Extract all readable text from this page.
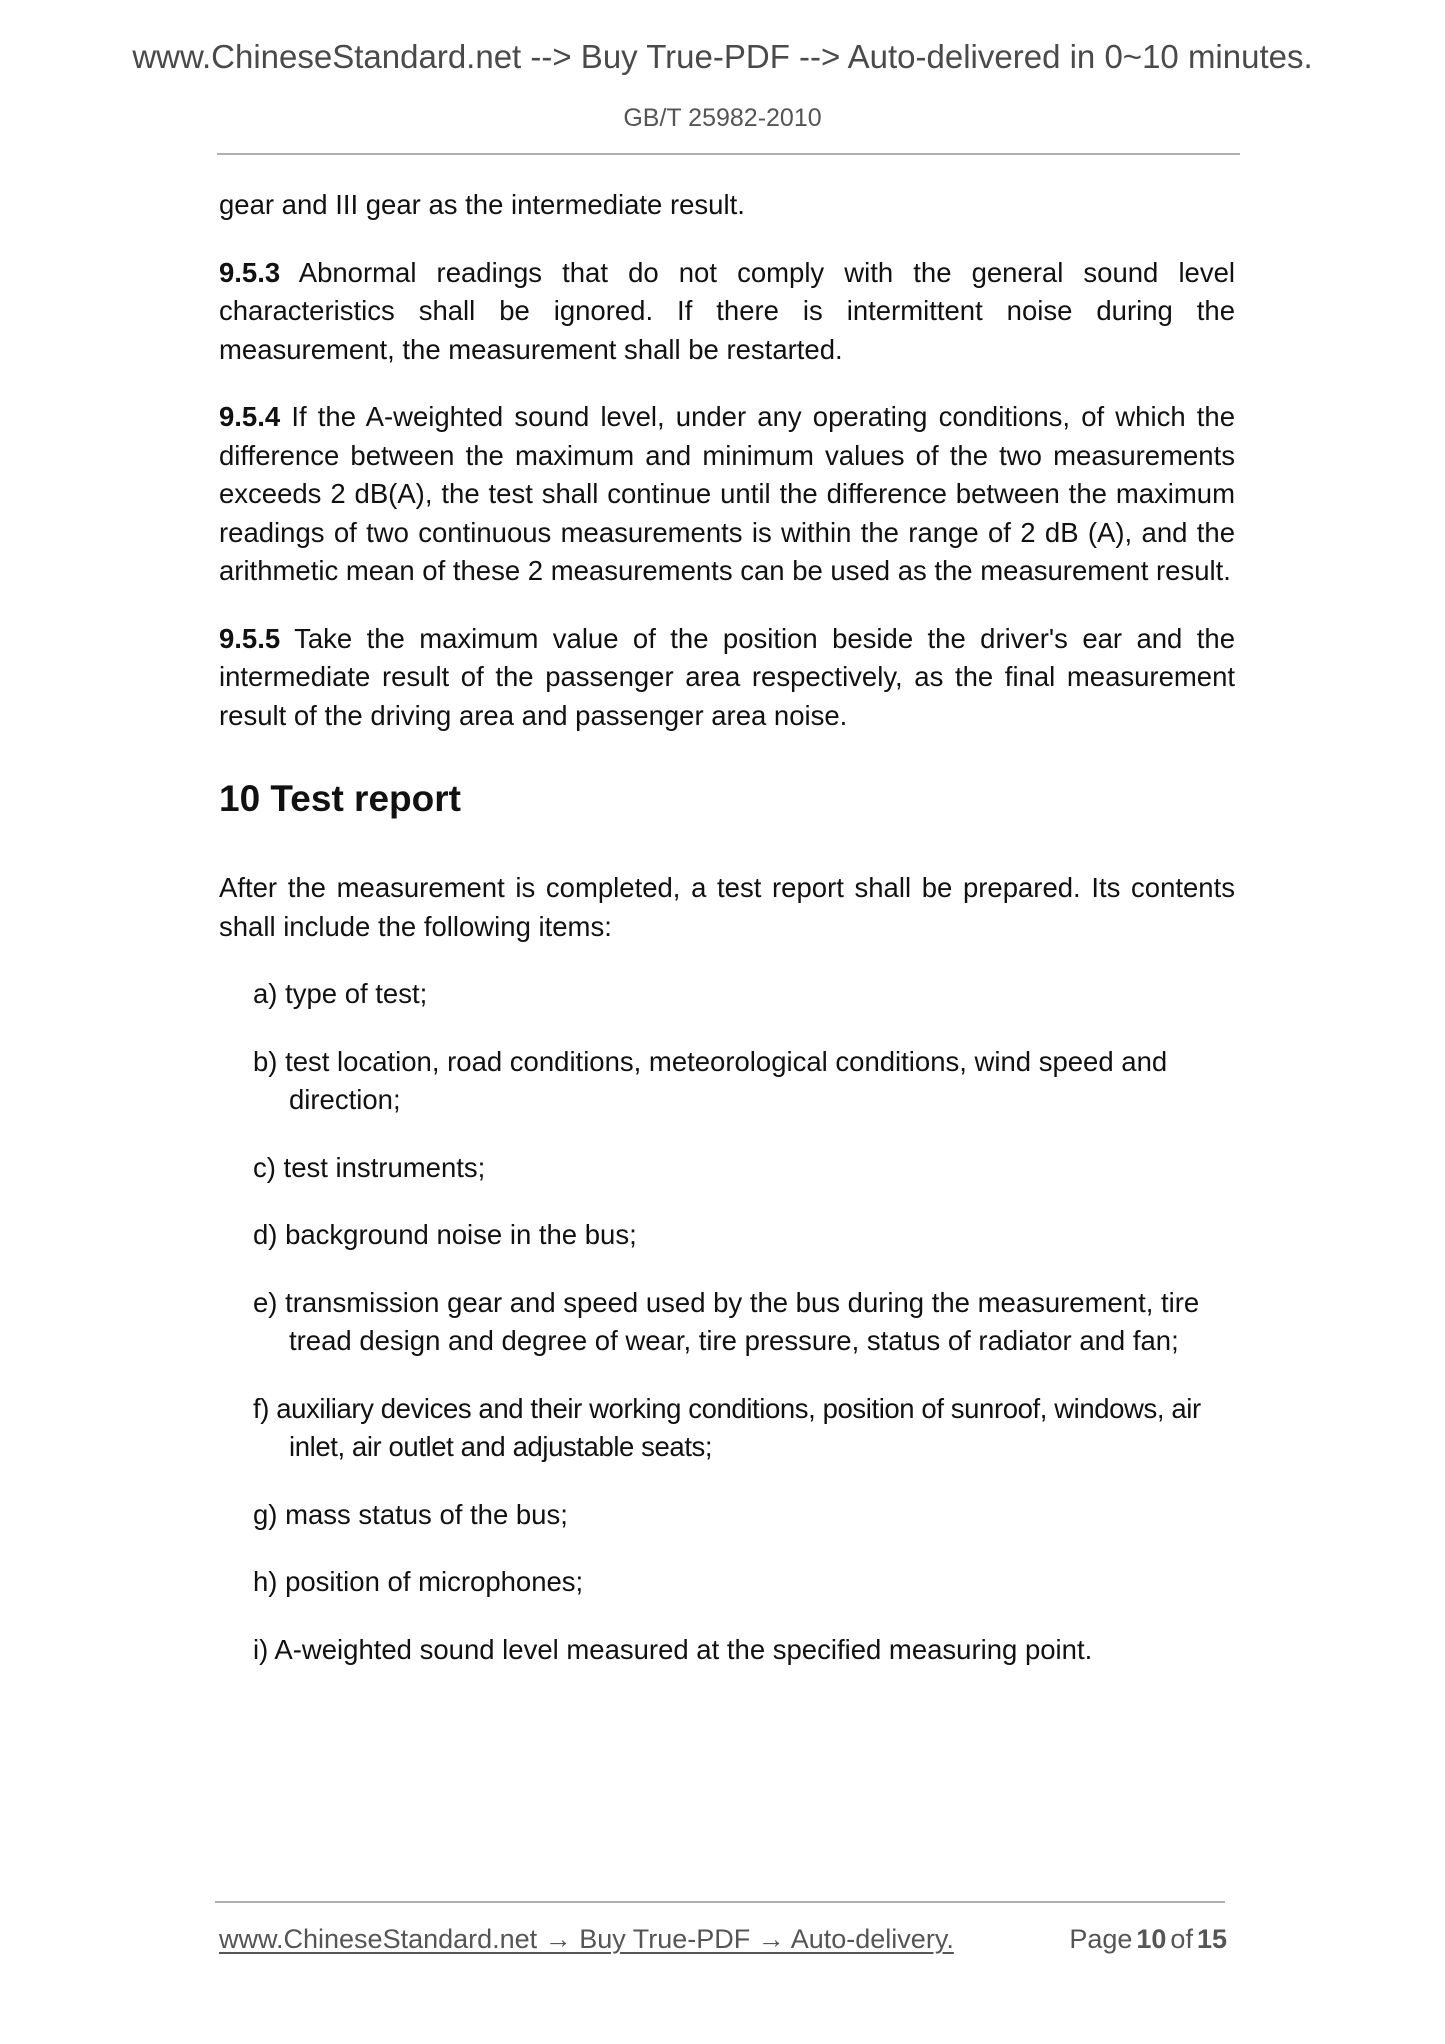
www.ChineseStandard.net --> Buy True-PDF --> Auto-delivered in 0~10 minutes.
GB/T 25982-2010

gear and III gear as the intermediate result.

9.5.3 Abnormal readings that do not comply with the general sound level characteristics shall be ignored. If there is intermittent noise during the measurement, the measurement shall be restarted.

9.5.4 If the A-weighted sound level, under any operating conditions, of which the difference between the maximum and minimum values of the two measurements exceeds 2 dB(A), the test shall continue until the difference between the maximum readings of two continuous measurements is within the range of 2 dB (A), and the arithmetic mean of these 2 measurements can be used as the measurement result.

9.5.5 Take the maximum value of the position beside the driver's ear and the intermediate result of the passenger area respectively, as the final measurement result of the driving area and passenger area noise.

10 Test report

After the measurement is completed, a test report shall be prepared. Its contents shall include the following items:

a) type of test;
b) test location, road conditions, meteorological conditions, wind speed and direction;
c) test instruments;
d) background noise in the bus;
e) transmission gear and speed used by the bus during the measurement, tire tread design and degree of wear, tire pressure, status of radiator and fan;
f) auxiliary devices and their working conditions, position of sunroof, windows, air inlet, air outlet and adjustable seats;
g) mass status of the bus;
h) position of microphones;
i) A-weighted sound level measured at the specified measuring point.
www.ChineseStandard.net → Buy True-PDF → Auto-delivery.	Page 10 of 15
